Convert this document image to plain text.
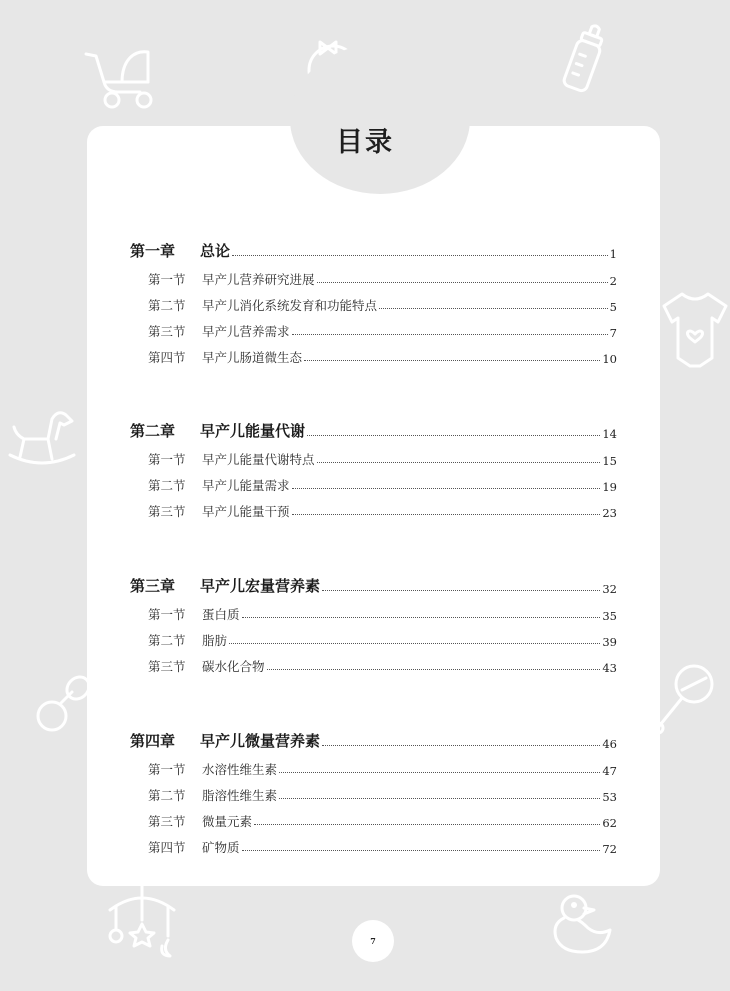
目录
第一章	总论	1
第一节	早产儿营养研究进展	2
第二节	早产儿消化系统发育和功能特点	5
第三节	早产儿营养需求	7
第四节	早产儿肠道微生态	10
第二章	早产儿能量代谢	14
第一节	早产儿能量代谢特点	15
第二节	早产儿能量需求	19
第三节	早产儿能量干预	23
第三章	早产儿宏量营养素	32
第一节	蛋白质	35
第二节	脂肪	39
第三节	碳水化合物	43
第四章	早产儿微量营养素	46
第一节	水溶性维生素	47
第二节	脂溶性维生素	53
第三节	微量元素	62
第四节	矿物质	72
7
